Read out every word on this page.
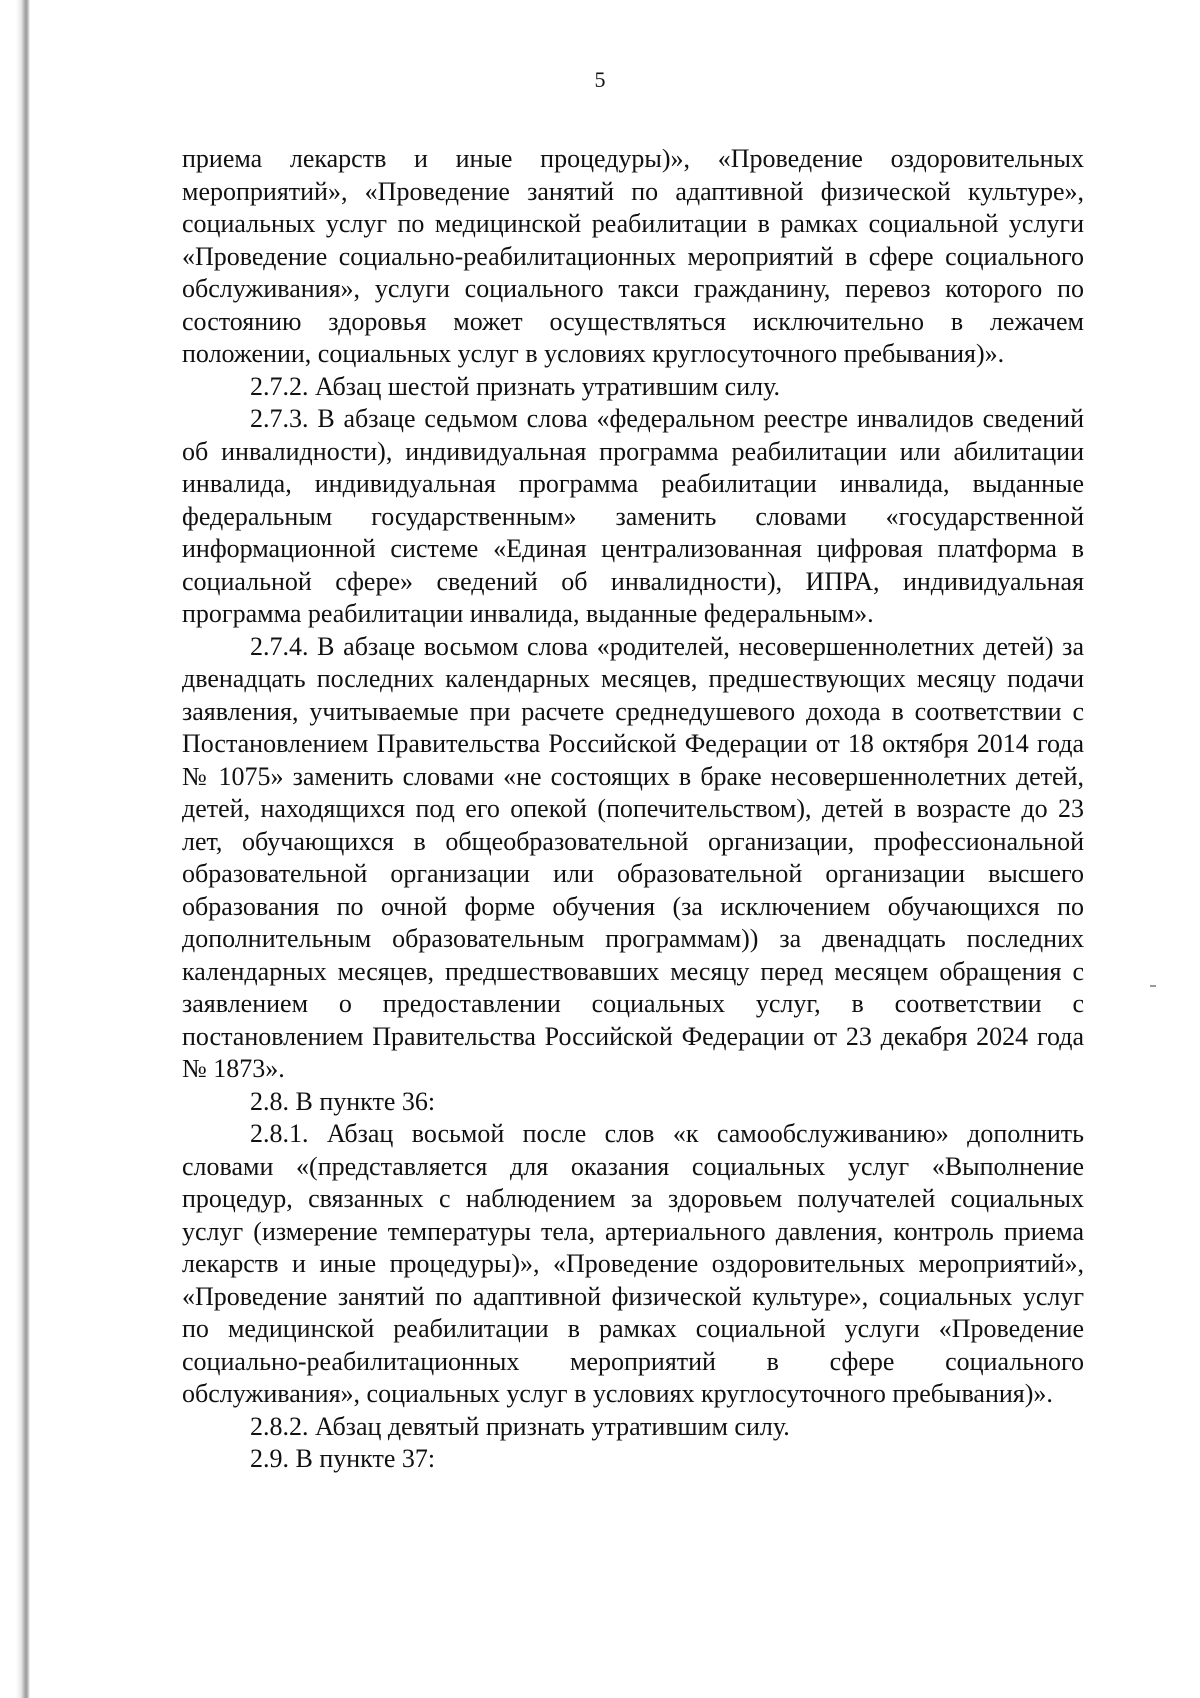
5

приема лекарств и иные процедуры)», «Проведение оздоровительных мероприятий», «Проведение занятий по адаптивной физической культуре», социальных услуг по медицинской реабилитации в рамках социальной услуги «Проведение социально-реабилитационных мероприятий в сфере социального обслуживания», услуги социального такси гражданину, перевоз которого по состоянию здоровья может осуществляться исключительно в лежачем положении, социальных услуг в условиях круглосуточного пребывания)».

2.7.2. Абзац шестой признать утратившим силу.

2.7.3. В абзаце седьмом слова «федеральном реестре инвалидов сведений об инвалидности), индивидуальная программа реабилитации или абилитации инвалида, индивидуальная программа реабилитации инвалида, выданные федеральным государственным» заменить словами «государственной информационной системе «Единая централизованная цифровая платформа в социальной сфере» сведений об инвалидности), ИПРА, индивидуальная программа реабилитации инвалида, выданные федеральным».

2.7.4. В абзаце восьмом слова «родителей, несовершеннолетних детей) за двенадцать последних календарных месяцев, предшествующих месяцу подачи заявления, учитываемые при расчете среднедушевого дохода в соответствии с Постановлением Правительства Российской Федерации от 18 октября 2014 года № 1075» заменить словами «не состоящих в браке несовершеннолетних детей, детей, находящихся под его опекой (попечительством), детей в возрасте до 23 лет, обучающихся в общеобразовательной организации, профессиональной образовательной организации или образовательной организации высшего образования по очной форме обучения (за исключением обучающихся по дополнительным образовательным программам)) за двенадцать последних календарных месяцев, предшествовавших месяцу перед месяцем обращения с заявлением о предоставлении социальных услуг, в соответствии с постановлением Правительства Российской Федерации от 23 декабря 2024 года № 1873».

2.8. В пункте 36:

2.8.1. Абзац восьмой после слов «к самообслуживанию» дополнить словами «(представляется для оказания социальных услуг «Выполнение процедур, связанных с наблюдением за здоровьем получателей социальных услуг (измерение температуры тела, артериального давления, контроль приема лекарств и иные процедуры)», «Проведение оздоровительных мероприятий», «Проведение занятий по адаптивной физической культуре», социальных услуг по медицинской реабилитации в рамках социальной услуги «Проведение социально-реабилитационных мероприятий в сфере социального обслуживания», социальных услуг в условиях круглосуточного пребывания)».

2.8.2. Абзац девятый признать утратившим силу.

2.9. В пункте 37:
